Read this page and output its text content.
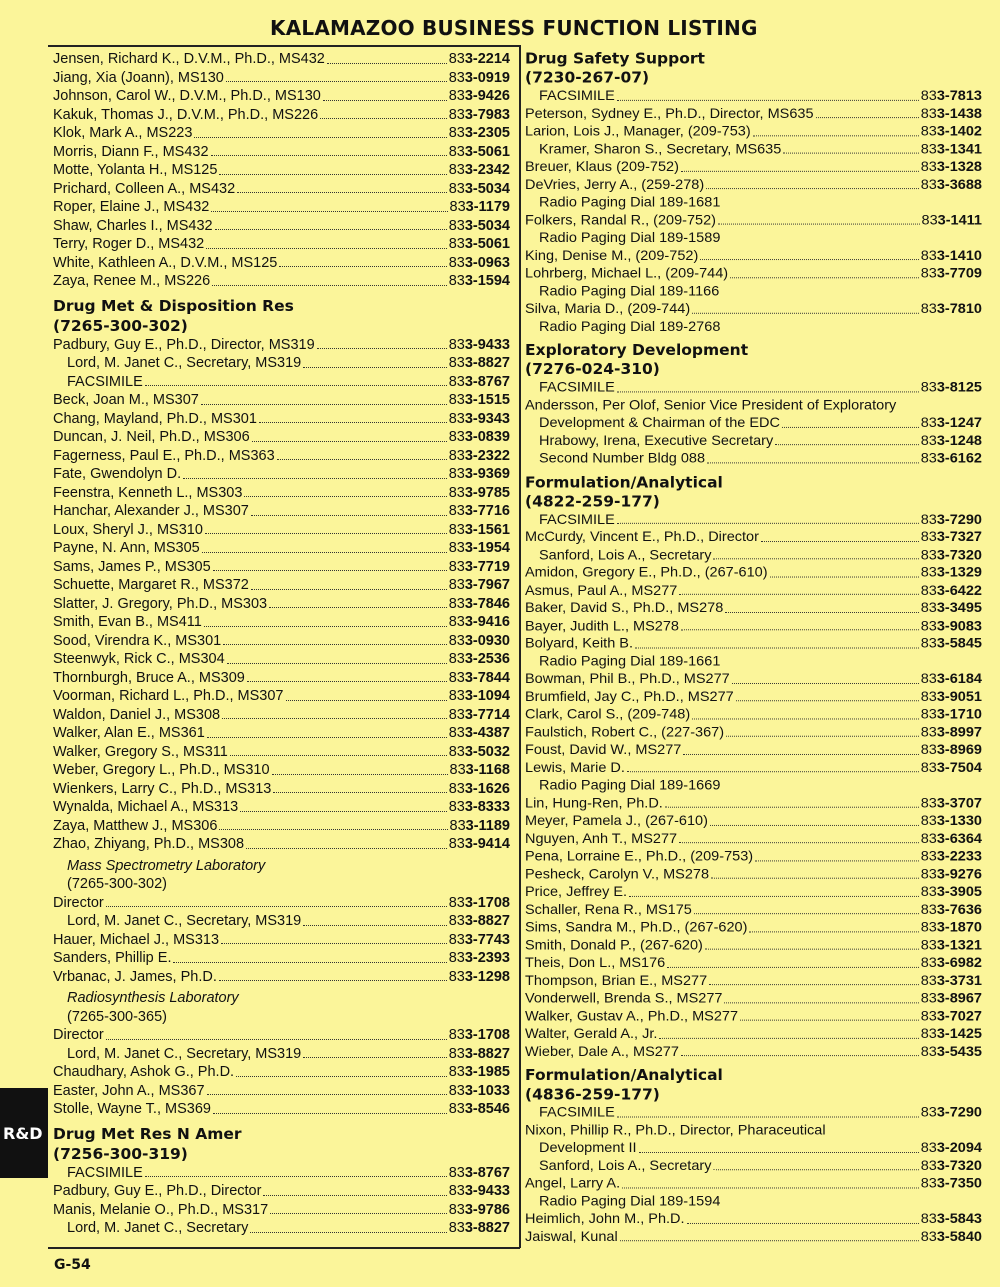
KALAMAZOO BUSINESS FUNCTION LISTING
Jensen, Richard K., D.V.M., Ph.D., MS432	833-2214
Jiang, Xia (Joann), MS130	833-0919
Johnson, Carol W., D.V.M., Ph.D., MS130	833-9426
Kakuk, Thomas J., D.V.M., Ph.D., MS226	833-7983
Klok, Mark A., MS223	833-2305
Morris, Diann F., MS432	833-5061
Motte, Yolanta H., MS125	833-2342
Prichard, Colleen A., MS432	833-5034
Roper, Elaine J., MS432	833-1179
Shaw, Charles I., MS432	833-5034
Terry, Roger D., MS432	833-5061
White, Kathleen A., D.V.M., MS125	833-0963
Zaya, Renee M., MS226	833-1594
Drug Met & Disposition Res
(7265-300-302)
Padbury, Guy E., Ph.D., Director, MS319	833-9433
Lord, M. Janet C., Secretary, MS319	833-8827
FACSIMILE	833-8767
Beck, Joan M., MS307	833-1515
Chang, Mayland, Ph.D., MS301	833-9343
Duncan, J. Neil, Ph.D., MS306	833-0839
Fagerness, Paul E., Ph.D., MS363	833-2322
Fate, Gwendolyn D.	833-9369
Feenstra, Kenneth L., MS303	833-9785
Hanchar, Alexander J., MS307	833-7716
Loux, Sheryl J., MS310	833-1561
Payne, N. Ann, MS305	833-1954
Sams, James P., MS305	833-7719
Schuette, Margaret R., MS372	833-7967
Slatter, J. Gregory, Ph.D., MS303	833-7846
Smith, Evan B., MS411	833-9416
Sood, Virendra K., MS301	833-0930
Steenwyk, Rick C., MS304	833-2536
Thornburgh, Bruce A., MS309	833-7844
Voorman, Richard L., Ph.D., MS307	833-1094
Waldon, Daniel J., MS308	833-7714
Walker, Alan E., MS361	833-4387
Walker, Gregory S., MS311	833-5032
Weber, Gregory L., Ph.D., MS310	833-1168
Wienkers, Larry C., Ph.D., MS313	833-1626
Wynalda, Michael A., MS313	833-8333
Zaya, Matthew J., MS306	833-1189
Zhao, Zhiyang, Ph.D., MS308	833-9414
Mass Spectrometry Laboratory
(7265-300-302)
Director	833-1708
Lord, M. Janet C., Secretary, MS319	833-8827
Hauer, Michael J., MS313	833-7743
Sanders, Phillip E.	833-2393
Vrbanac, J. James, Ph.D.	833-1298
Radiosynthesis Laboratory
(7265-300-365)
Director	833-1708
Lord, M. Janet C., Secretary, MS319	833-8827
Chaudhary, Ashok G., Ph.D.	833-1985
Easter, John A., MS367	833-1033
Stolle, Wayne T., MS369	833-8546
Drug Met Res N Amer
(7256-300-319)
FACSIMILE	833-8767
Padbury, Guy E., Ph.D., Director	833-9433
Manis, Melanie O., Ph.D., MS317	833-9786
Lord, M. Janet C., Secretary	833-8827
Drug Safety Support
(7230-267-07)
FACSIMILE	833-7813
Peterson, Sydney E., Ph.D., Director, MS635	833-1438
Larion, Lois J., Manager, (209-753)	833-1402
Kramer, Sharon S., Secretary, MS635	833-1341
Breuer, Klaus (209-752)	833-1328
DeVries, Jerry A., (259-278)	833-3688
Radio Paging Dial 189-1681
Folkers, Randal R., (209-752)	833-1411
Radio Paging Dial 189-1589
King, Denise M., (209-752)	833-1410
Lohrberg, Michael L., (209-744)	833-7709
Radio Paging Dial 189-1166
Silva, Maria D., (209-744)	833-7810
Radio Paging Dial 189-2768
Exploratory Development
(7276-024-310)
FACSIMILE	833-8125
Andersson, Per Olof, Senior Vice President of Exploratory
Development & Chairman of the EDC	833-1247
Hrabowy, Irena, Executive Secretary	833-1248
Second Number Bldg 088	833-6162
Formulation/Analytical
(4822-259-177)
FACSIMILE	833-7290
McCurdy, Vincent E., Ph.D., Director	833-7327
Sanford, Lois A., Secretary	833-7320
Amidon, Gregory E., Ph.D., (267-610)	833-1329
Asmus, Paul A., MS277	833-6422
Baker, David S., Ph.D., MS278	833-3495
Bayer, Judith L., MS278	833-9083
Bolyard, Keith B.	833-5845
Radio Paging Dial 189-1661
Bowman, Phil B., Ph.D., MS277	833-6184
Brumfield, Jay C., Ph.D., MS277	833-9051
Clark, Carol S., (209-748)	833-1710
Faulstich, Robert C., (227-367)	833-8997
Foust, David W., MS277	833-8969
Lewis, Marie D.	833-7504
Radio Paging Dial 189-1669
Lin, Hung-Ren, Ph.D.	833-3707
Meyer, Pamela J., (267-610)	833-1330
Nguyen, Anh T., MS277	833-6364
Pena, Lorraine E., Ph.D., (209-753)	833-2233
Pesheck, Carolyn V., MS278	833-9276
Price, Jeffrey E.	833-3905
Schaller, Rena R., MS175	833-7636
Sims, Sandra M., Ph.D., (267-620)	833-1870
Smith, Donald P., (267-620)	833-1321
Theis, Don L., MS176	833-6982
Thompson, Brian E., MS277	833-3731
Vonderwell, Brenda S., MS277	833-8967
Walker, Gustav A., Ph.D., MS277	833-7027
Walter, Gerald A., Jr.	833-1425
Wieber, Dale A., MS277	833-5435
Formulation/Analytical
(4836-259-177)
FACSIMILE	833-7290
Nixon, Phillip R., Ph.D., Director, Pharaceutical
Development II	833-2094
Sanford, Lois A., Secretary	833-7320
Angel, Larry A.	833-7350
Radio Paging Dial 189-1594
Heimlich, John M., Ph.D.	833-5843
Jaiswal, Kunal	833-5840
R&D
G-54
